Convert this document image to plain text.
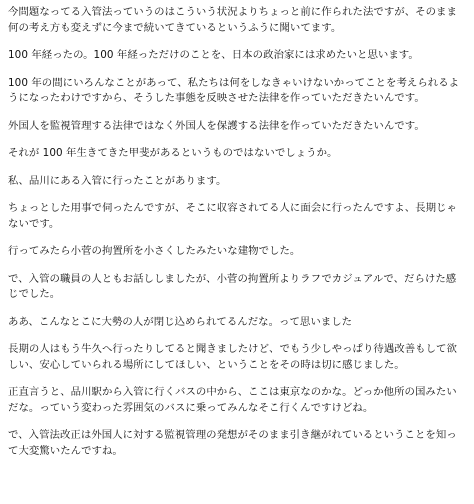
今問題なってる入管法っていうのはこういう状況よりちょっと前に作られた法ですが、そのまま何の考え方も変えずに今まで続いてきているというふうに聞いてます。

100 年経ったの。100 年経っただけのことを、日本の政治家には求めたいと思います。

100 年の間にいろんなことがあって、私たちは何をしなきゃいけないかってことを考えられるようになったわけですから、そうした事態を反映させた法律を作っていただきたいんです。

外国人を監視管理する法律ではなく外国人を保護する法律を作っていただきたいんです。

それが 100 年生きてきた甲斐があるというものではないでしょうか。

私、品川にある入管に行ったことがあります。

ちょっとした用事で伺ったんですが、そこに収容されてる人に面会に行ったんですよ、長期じゃないです。

行ってみたら小菅の拘置所を小さくしたみたいな建物でした。

で、入管の職員の人ともお話ししましたが、小菅の拘置所よりラフでカジュアルで、だらけた感じでした。

ああ、こんなとこに大勢の人が閉じ込められてるんだな。って思いました

長期の人はもう牛久へ行ったりしてると聞きましたけど、でもう少しやっぱり待遇改善もして欲しい、安心していられる場所にしてほしい、ということをその時は切に感じました。

正直言うと、品川駅から入管に行くバスの中から、ここは東京なのかな。どっか他所の国みたいだな。っていう変わった雰囲気のバスに乗ってみんなそこ行くんですけどね。

で、入管法改正は外国人に対する監視管理の発想がそのまま引き継がれているということを知って大変驚いたんですね。
